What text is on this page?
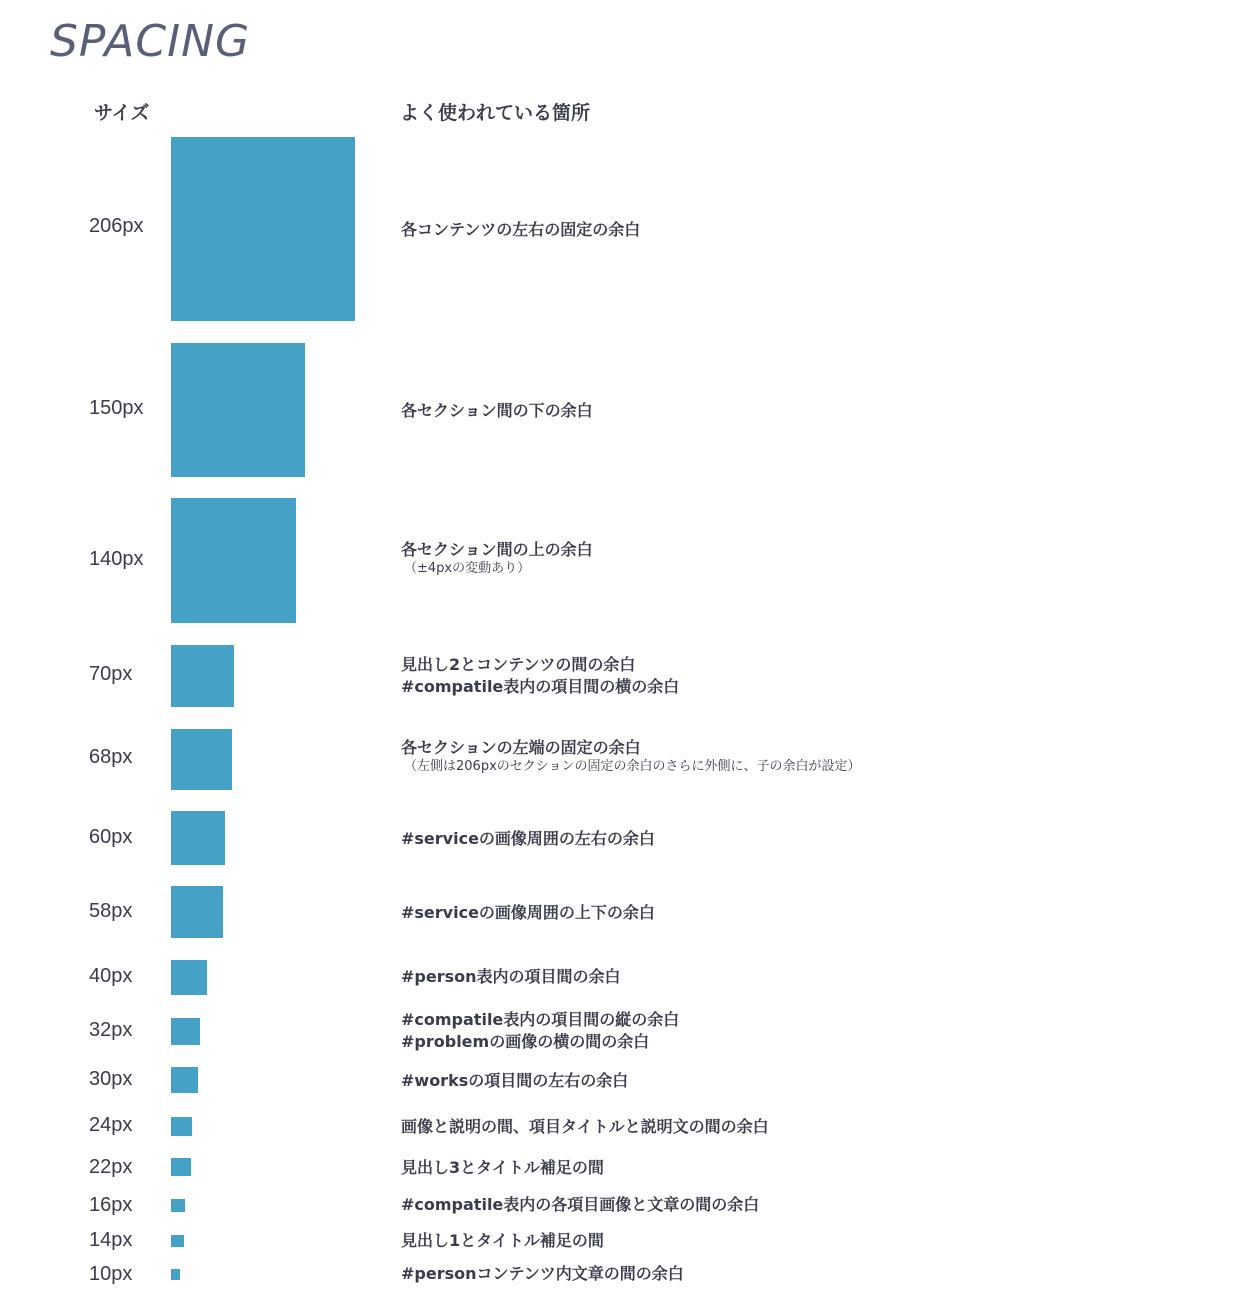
SPACING
サイズ	よく使われている箇所
206px	各コンテンツの左右の固定の余白
150px	各セクション間の下の余白
140px	各セクション間の上の余白
（±4pxの変動あり）
70px	見出し2とコンテンツの間の余白
#compatile表内の項目間の横の余白
68px	各セクションの左端の固定の余白
（左側は206pxのセクションの固定の余白のさらに外側に、子の余白が設定）
60px	#serviceの画像周囲の左右の余白
58px	#serviceの画像周囲の上下の余白
40px	#person表内の項目間の余白
32px	#compatile表内の項目間の縦の余白
#problemの画像の横の間の余白
30px	#worksの項目間の左右の余白
24px	画像と説明の間、項目タイトルと説明文の間の余白
22px	見出し3とタイトル補足の間
16px	#compatile表内の各項目画像と文章の間の余白
14px	見出し1とタイトル補足の間
10px	#personコンテンツ内文章の間の余白
